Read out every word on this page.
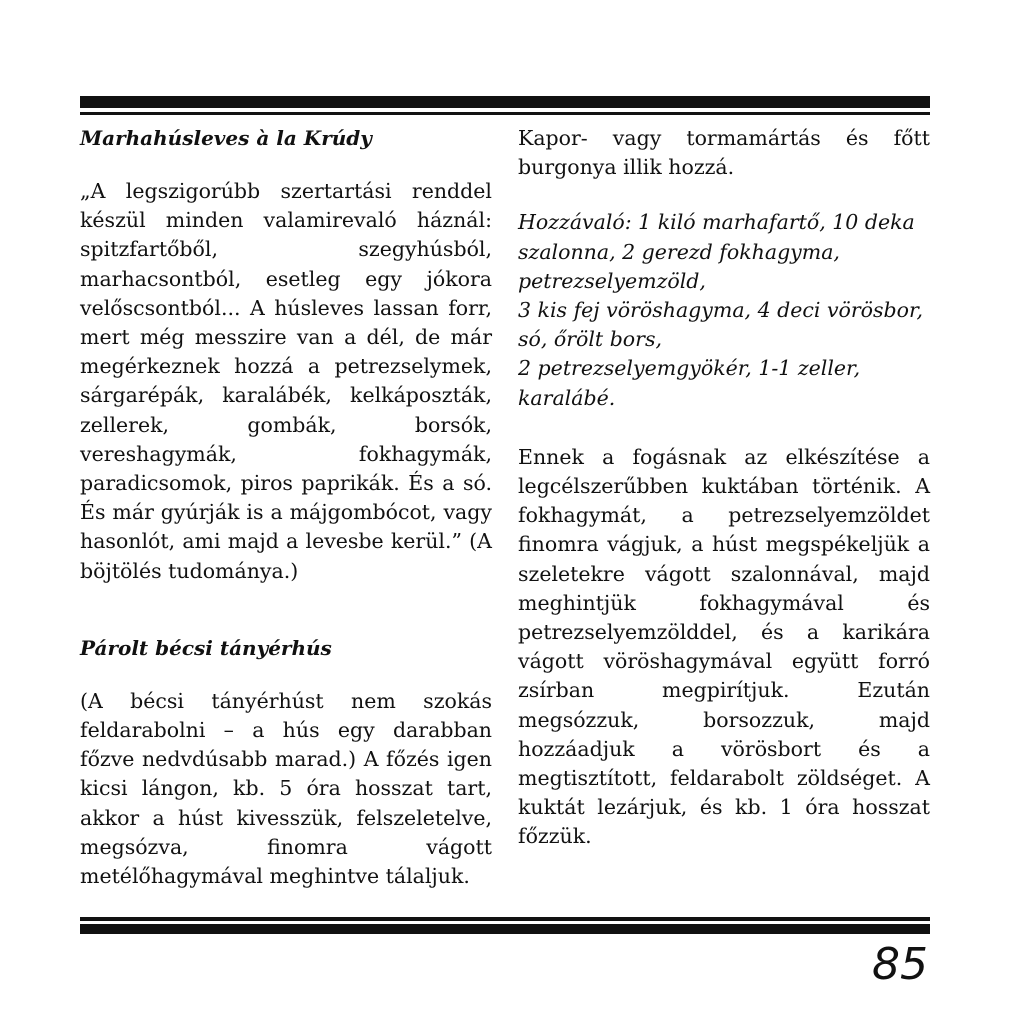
Marhahúsleves à la Krúdy

„A legszigorúbb szertartási renddel készül minden valamirevaló háznál: spitzfartőből, szegyhúsból, marhacsontból, esetleg egy jókora velőscsontból... A húsleves lassan forr, mert még messzire van a dél, de már megérkeznek hozzá a petrezselymek, sárgarépák, karalábék, kelkáposzták, zellerek, gombák, borsók, vereshagymák, fokhagymák, paradicsomok, piros paprikák. És a só. És már gyúrják is a májgombócot, vagy hasonlót, ami majd a levesbe kerül.” (A böjtölés tudománya.)

Párolt bécsi tányérhús

(A bécsi tányérhúst nem szokás feldarabolni – a hús egy darabban főzve nedvdúsabb marad.) A főzés igen kicsi lángon, kb. 5 óra hosszat tart, akkor a húst kivesszük, felszeletelve, megsózva, finomra vágott metélőhagymával meghintve tálaljuk.

Kapor- vagy tormamártás és főtt burgonya illik hozzá.

Hozzávaló: 1 kiló marhafartő, 10 deka szalonna, 2 gerezd fokhagyma, petrezselyemzöld,
3 kis fej vöröshagyma, 4 deci vörösbor, só, őrölt bors,
2 petrezselyemgyökér, 1-1 zeller, karalábé.

Ennek a fogásnak az elkészítése a legcélszerűbben kuktában történik. A fokhagymát, a petrezselyemzöldet finomra vágjuk, a húst megspékeljük a szeletekre vágott szalonnával, majd meghintjük fokhagymával és petrezselyemzölddel, és a karikára vágott vöröshagymával együtt forró zsírban megpirítjuk. Ezután megsózzuk, borsozzuk, majd hozzáadjuk a vörösbort és a megtisztított, feldarabolt zöldséget. A kuktát lezárjuk, és kb. 1 óra hosszat főzzük.

85
